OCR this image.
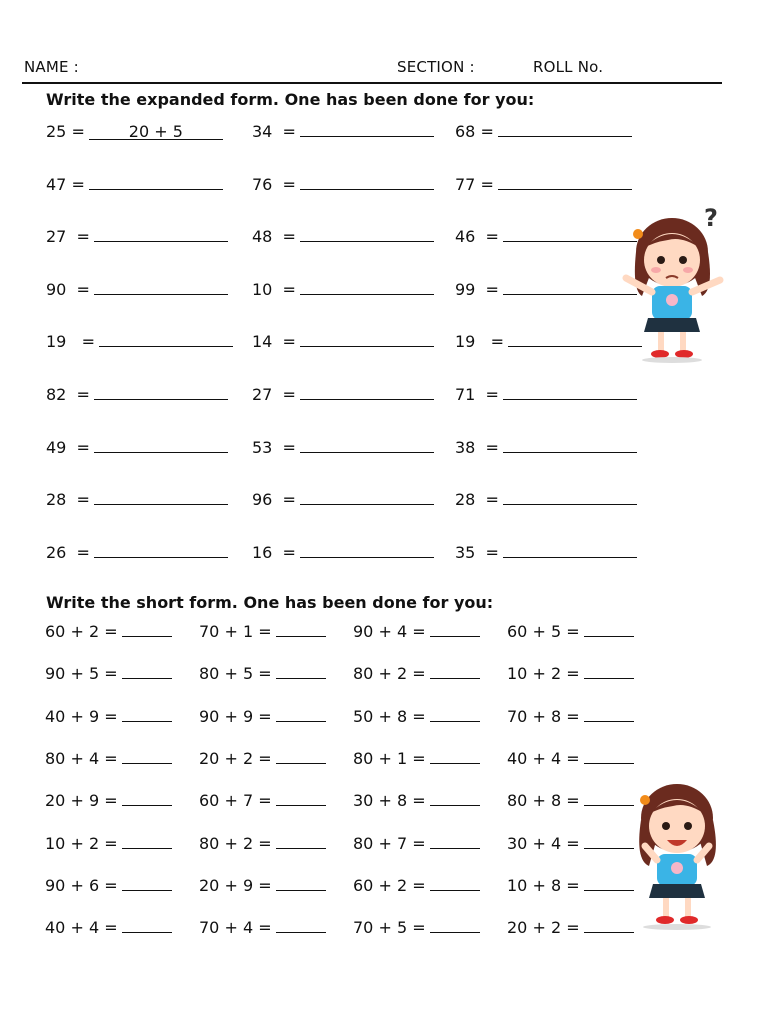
NAME :	SECTION :	ROLL No.
Write the expanded form. One has been done for you:
25 =	20 + 5	34  =	68 =
47 =	76  =	77 =
27  =	48  =	46  =
90  =	10  =	99  =
19   =	14  =	19   =
82  =	27  =	71  =
49  =	53  =	38  =
28  =	96  =	28  =
26  =	16  =	35  =
Write the short form. One has been done for you:
60 + 2 =	70 + 1 =	90 + 4 =	60 + 5 =
90 + 5 =	80 + 5 =	80 + 2 =	10 + 2 =
40 + 9 =	90 + 9 =	50 + 8 =	70 + 8 =
80 + 4 =	20 + 2 =	80 + 1 =	40 + 4 =
20 + 9 =	60 + 7 =	30 + 8 =	80 + 8 =
10 + 2 =	80 + 2 =	80 + 7 =	30 + 4 =
90 + 6 =	20 + 9 =	60 + 2 =	10 + 8 =
40 + 4 =	70 + 4 =	70 + 5 =	20 + 2 =
?
